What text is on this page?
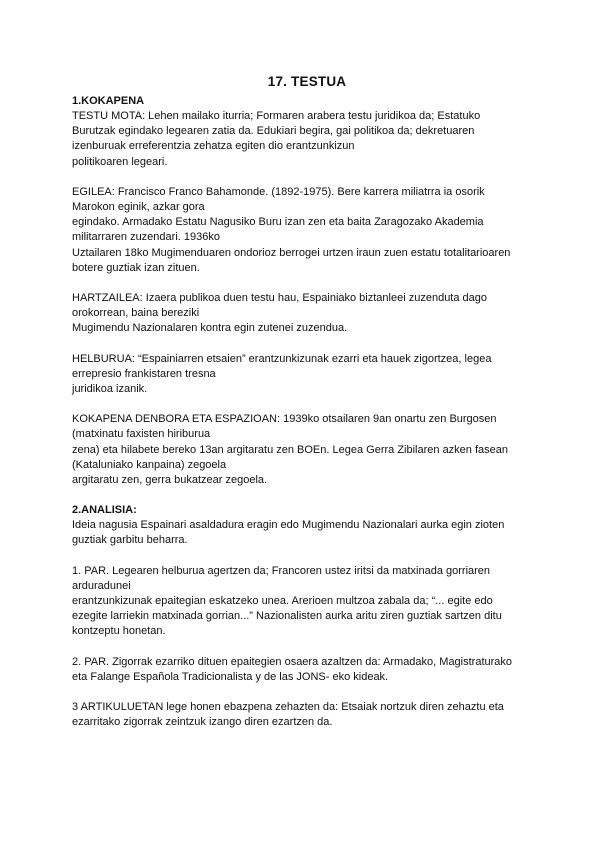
17. TESTUA
1.KOKAPENA
TESTU MOTA: Lehen mailako iturria; Formaren arabera testu juridikoa da; Estatuko
Burutzak egindako legearen zatia da. Edukiari begira, gai politikoa da; dekretuaren
izenburuak erreferentzia zehatza egiten dio erantzunkizun
politikoaren legeari.
EGILEA: Francisco Franco Bahamonde. (1892-1975). Bere karrera miliatrra ia osorik
Marokon eginik, azkar gora
egindako. Armadako Estatu Nagusiko Buru izan zen eta baita Zaragozako Akademia
militarraren zuzendari. 1936ko
Uztailaren 18ko Mugimenduaren ondorioz berrogei urtzen iraun zuen estatu totalitarioaren
botere guztiak izan zituen.
HARTZAILEA: Izaera publikoa duen testu hau, Espainiako biztanleei zuzenduta dago
orokorrean, baina bereziki
Mugimendu Nazionalaren kontra egin zutenei zuzendua.
HELBURUA: “Espainiarren etsaien” erantzunkizunak ezarri eta hauek zigortzea, legea
errepresio frankistaren tresna
juridikoa izanik.
KOKAPENA DENBORA ETA ESPAZIOAN: 1939ko otsailaren 9an onartu zen Burgosen
(matxinatu faxisten hiriburua
zena) eta hilabete bereko 13an argitaratu zen BOEn. Legea Gerra Zibilaren azken fasean
(Kataluniako kanpaina) zegoela
argitaratu zen, gerra bukatzear zegoela.
2.ANALISIA:
Ideia nagusia Espainari asaldadura eragin edo Mugimendu Nazionalari aurka egin zioten
guztiak garbitu beharra.
1. PAR. Legearen helburua agertzen da; Francoren ustez iritsi da matxinada gorriaren
arduradunei
erantzunkizunak epaitegian eskatzeko unea. Arerioen multzoa zabala da; “... egite edo
ezegite larriekin matxinada gorrian...” Nazionalisten aurka aritu ziren guztiak sartzen ditu
kontzeptu honetan.
2. PAR. Zigorrak ezarriko dituen epaitegien osaera azaltzen da: Armadako, Magistraturako
eta Falange Española Tradicionalista y de las JONS- eko kideak.
3 ARTIKULUETAN lege honen ebazpena zehazten da: Etsaiak nortzuk diren zehaztu eta
ezarritako zigorrak zeintzuk izango diren ezartzen da.
